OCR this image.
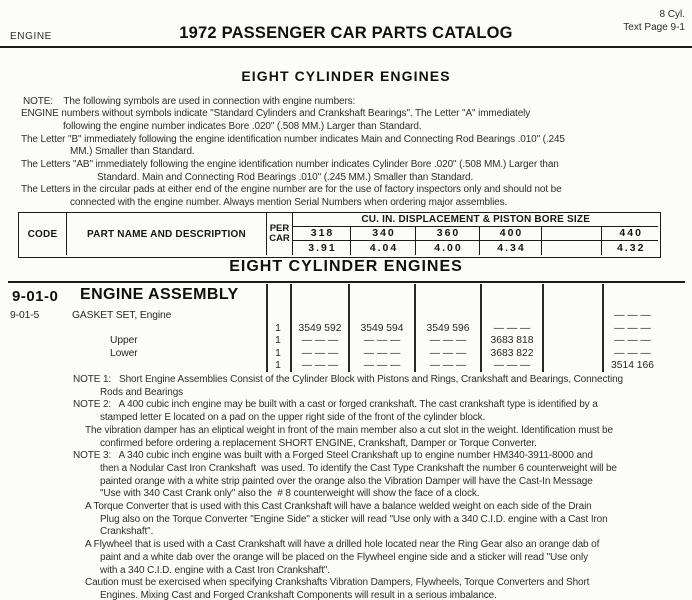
ENGINE	1972 PASSENGER CAR PARTS CATALOG
8 Cyl.
Text Page 9-1
EIGHT CYLINDER ENGINES
NOTE:    The following symbols are used in connection with engine numbers:
ENGINE numbers without symbols indicate "Standard Cylinders and Crankshaft Bearings". The Letter "A" immediately
following the engine number indicates Bore .020" (.508 MM.) Larger than Standard.
The Letter "B" immediately following the engine identification number indicates Main and Connecting Rod Bearings .010" (.245
MM.) Smaller than Standard.
The Letters "AB" immediately following the engine identification number indicates Cylinder Bore .020" (.508 MM.) Larger than
Standard. Main and Connecting Rod Bearings .010" (.245 MM.) Smaller than Standard.
The Letters in the circular pads at either end of the engine number are for the use of factory inspectors only and should not be
connected with the engine number. Always mention Serial Numbers when ordering major assemblies.
CODE	PART NAME AND DESCRIPTION
PER
CAR
CU. IN. DISPLACEMENT & PISTON BORE SIZE
318	340	360	400	440
3.91	4.04	4.00	4.34	4.32
EIGHT CYLINDER ENGINES
9-01-0 ENGINE ASSEMBLY
9-01-5	GASKET SET, Engine	— — —
1	3549 592	3549 594	3549 596	— — —	— — —
Upper	1	— — —	— — —	— — —	3683 818	— — —
Lower	1	— — —	— — —	— — —	3683 822	— — —
1	— — —	— — —	— — —	— — —	3514 166
NOTE 1:   Short Engine Assemblies Consist of the Cylinder Block with Pistons and Rings, Crankshaft and Bearings, Connecting
Rods and Bearings
NOTE 2:   A 400 cubic inch engine may be built with a cast or forged crankshaft. The cast crankshaft type is identified by a
stamped letter E located on a pad on the upper right side of the front of the cylinder block.
The vibration damper has an eliptical weight in front of the main member also a cut slot in the weight. Identification must be
confirmed before ordering a replacement SHORT ENGINE, Crankshaft, Damper or Torque Converter.
NOTE 3:   A 340 cubic inch engine was built with a Forged Steel Crankshaft up to engine number HM340-3911-8000 and
then a Nodular Cast Iron Crankshaft  was used. To identify the Cast Type Crankshaft the number 6 counterweight will be
painted orange with a white strip painted over the orange also the Vibration Damper will have the Cast-In Message
"Use with 340 Cast Crank only" also the  # 8 counterweight will show the face of a clock.
A Torque Converter that is used with this Cast Crankshaft will have a balance welded weight on each side of the Drain
Plug also on the Torque Converter "Engine Side" a sticker will read "Use only with a 340 C.I.D. engine with a Cast Iron
Crankshaft".
A Flywheel that is used with a Cast Crankshaft will have a drilled hole located near the Ring Gear also an orange dab of
paint and a white dab over the orange will be placed on the Flywheel engine side and a sticker will read "Use only
with a 340 C.I.D. engine with a Cast Iron Crankshaft".
Caution must be exercised when specifying Crankshafts Vibration Dampers, Flywheels, Torque Converters and Short
Engines. Mixing Cast and Forged Crankshaft Components will result in a serious imbalance.
